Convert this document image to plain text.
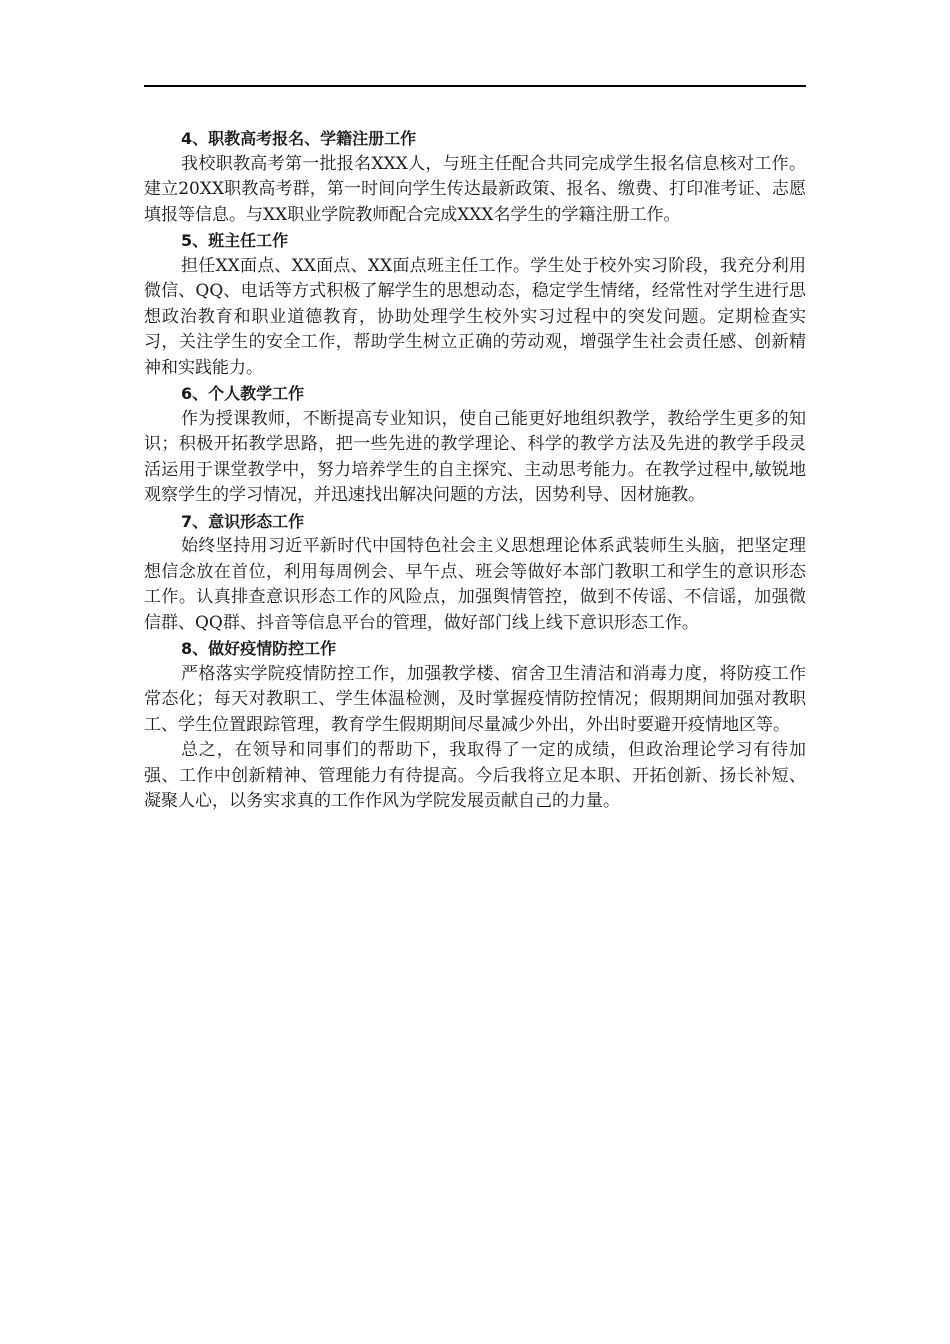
4、职教高考报名、学籍注册工作

我校职教高考第一批报名XXX人，与班主任配合共同完成学生报名信息核对工作。建立20XX职教高考群，第一时间向学生传达最新政策、报名、缴费、打印准考证、志愿填报等信息。与XX职业学院教师配合完成XXX名学生的学籍注册工作。

5、班主任工作

担任XX面点、XX面点、XX面点班主任工作。学生处于校外实习阶段，我充分利用微信、QQ、电话等方式积极了解学生的思想动态，稳定学生情绪，经常性对学生进行思想政治教育和职业道德教育，协助处理学生校外实习过程中的突发问题。定期检查实习，关注学生的安全工作，帮助学生树立正确的劳动观，增强学生社会责任感、创新精神和实践能力。

6、个人教学工作

作为授课教师，不断提高专业知识，使自己能更好地组织教学，教给学生更多的知识；积极开拓教学思路，把一些先进的教学理论、科学的教学方法及先进的教学手段灵活运用于课堂教学中，努力培养学生的自主探究、主动思考能力。在教学过程中,敏锐地观察学生的学习情况，并迅速找出解决问题的方法，因势利导、因材施教。

7、意识形态工作

始终坚持用习近平新时代中国特色社会主义思想理论体系武装师生头脑，把坚定理想信念放在首位，利用每周例会、早午点、班会等做好本部门教职工和学生的意识形态工作。认真排查意识形态工作的风险点，加强舆情管控，做到不传谣、不信谣，加强微信群、QQ群、抖音等信息平台的管理，做好部门线上线下意识形态工作。

8、做好疫情防控工作

严格落实学院疫情防控工作，加强教学楼、宿舍卫生清洁和消毒力度，将防疫工作常态化；每天对教职工、学生体温检测，及时掌握疫情防控情况；假期期间加强对教职工、学生位置跟踪管理，教育学生假期期间尽量减少外出，外出时要避开疫情地区等。

总之，在领导和同事们的帮助下，我取得了一定的成绩，但政治理论学习有待加强、工作中创新精神、管理能力有待提高。今后我将立足本职、开拓创新、扬长补短、凝聚人心，以务实求真的工作作风为学院发展贡献自己的力量。
